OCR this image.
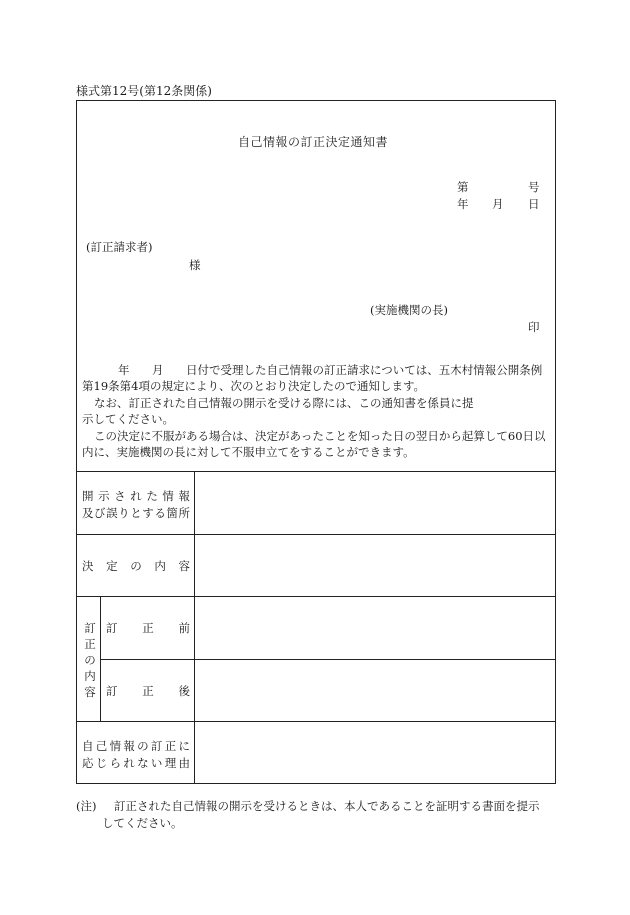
様式第12号(第12条関係)
自己情報の訂正決定通知書
第	号
年 月 日
(訂正請求者)
様
(実施機関の長)
印
年 月 日付で受理した自己情報の訂正請求については、五木村情報公開条例
第19条第4項の規定により、次のとおり決定したので通知します。
なお、訂正された自己情報の開示を受ける際には、この通知書を係員に提
示してください。
この決定に不服がある場合は、決定があったことを知った日の翌日から起算して60日以
内に、実施機関の長に対して不服申立てをすることができます。
開示された情報
及び誤りとする箇所
決定の内容
訂
正
の
内
容
訂正前
訂正後
自己情報の訂正に
応じられない理由
(注) 訂正された自己情報の開示を受けるときは、本人であることを証明する書面を提示
してください。
